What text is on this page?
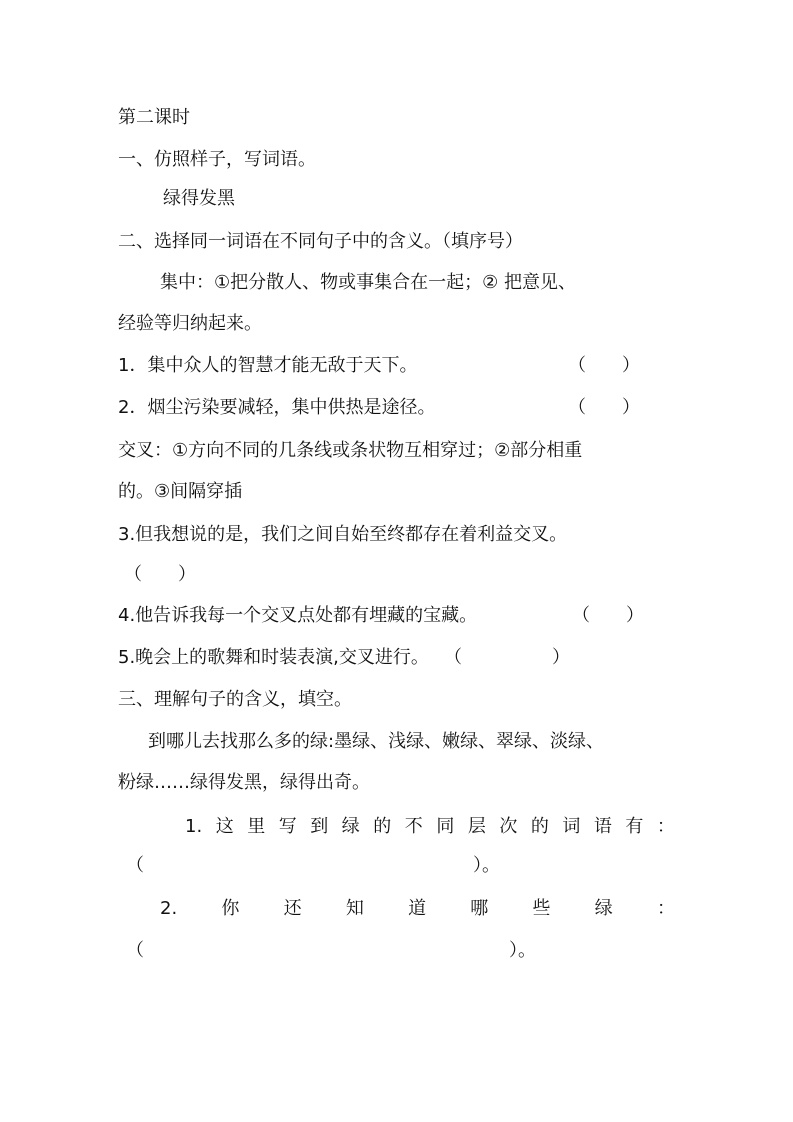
第二课时
一、仿照样子，写词语。
绿得发黑
二、选择同一词语在不同句子中的含义。（填序号）
集中：①把分散人、物或事集合在一起；② 把意见、
经验等归纳起来。
1．集中众人的智慧才能无敌于天下。	（　　）
2．烟尘污染要减轻，集中供热是途径。	（　　）
交叉：①方向不同的几条线或条状物互相穿过；②部分相重
的。③间隔穿插
3.但我想说的是，我们之间自始至终都存在着利益交叉。
（　　）
4.他告诉我每一个交叉点处都有埋藏的宝藏。	（　　）
5.晚会上的歌舞和时装表演,交叉进行。 （	）
三、理解句子的含义，填空。
到哪儿去找那么多的绿:墨绿、浅绿、嫩绿、翠绿、淡绿、
粉绿……绿得发黑，绿得出奇。
1. 这 里 写 到 绿 的 不 同 层 次 的 词 语 有 ：
（	）。
2. 你 还 知 道 哪 些 绿 ：
（	）。
